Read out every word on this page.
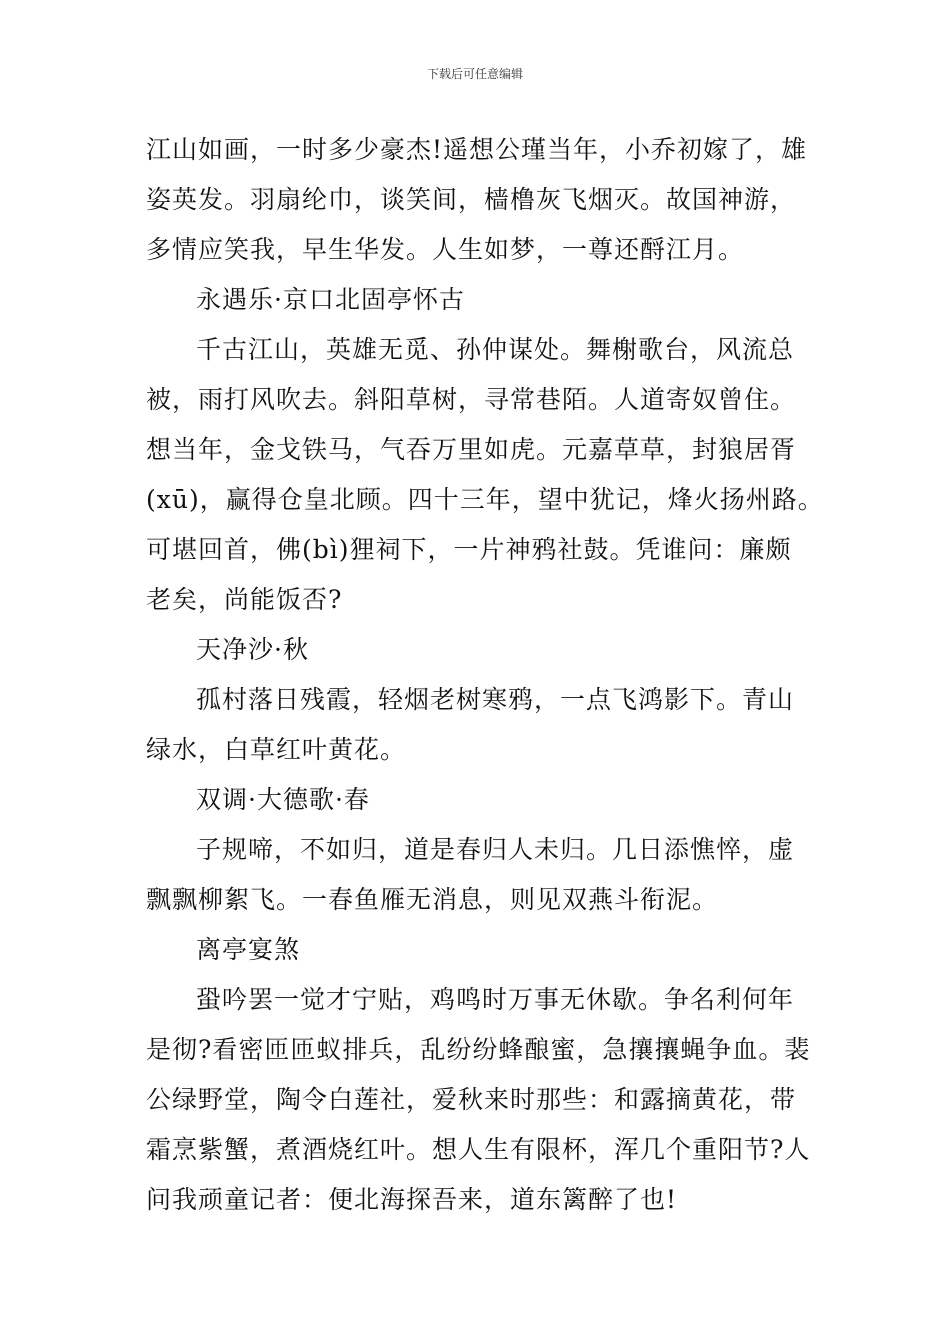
下载后可任意编辑
江山如画，一时多少豪杰!遥想公瑾当年，小乔初嫁了，雄
姿英发。羽扇纶巾，谈笑间，樯橹灰飞烟灭。故国神游，
多情应笑我，早生华发。人生如梦，一尊还酹江月。
永遇乐·京口北固亭怀古
千古江山，英雄无觅、孙仲谋处。舞榭歌台，风流总
被，雨打风吹去。斜阳草树，寻常巷陌。人道寄奴曾住。
想当年，金戈铁马，气吞万里如虎。元嘉草草，封狼居胥
(xū)，赢得仓皇北顾。四十三年，望中犹记，烽火扬州路。
可堪回首，佛(bì)狸祠下，一片神鸦社鼓。凭谁问：廉颇
老矣，尚能饭否?
天净沙·秋
孤村落日残霞，轻烟老树寒鸦，一点飞鸿影下。青山
绿水，白草红叶黄花。
双调·大德歌·春
子规啼，不如归，道是春归人未归。几日添憔悴，虚
飘飘柳絮飞。一春鱼雁无消息，则见双燕斗衔泥。
离亭宴煞
蛩吟罢一觉才宁贴，鸡鸣时万事无休歇。争名利何年
是彻?看密匝匝蚁排兵，乱纷纷蜂酿蜜，急攘攘蝇争血。裴
公绿野堂，陶令白莲社，爱秋来时那些：和露摘黄花，带
霜烹紫蟹，煮酒烧红叶。想人生有限杯，浑几个重阳节?人
问我顽童记者：便北海探吾来，道东篱醉了也!
